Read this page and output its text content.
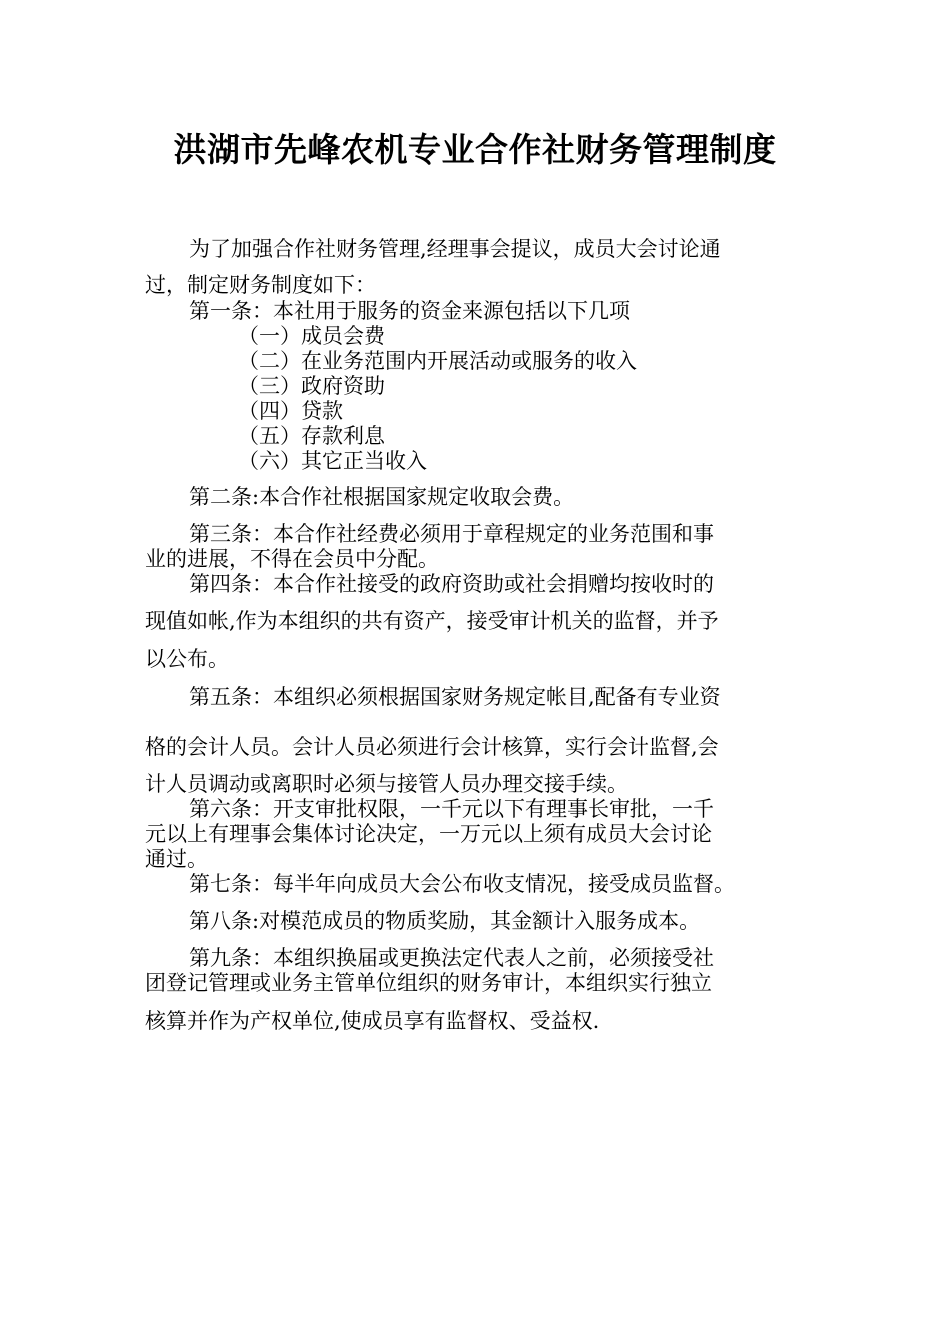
洪湖市先峰农机专业合作社财务管理制度
为了加强合作社财务管理,经理事会提议，成员大会讨论通
过，制定财务制度如下：
第一条：本社用于服务的资金来源包括以下几项
（一）成员会费
（二）在业务范围内开展活动或服务的收入
（三）政府资助
（四）贷款
（五）存款利息
（六）其它正当收入
第二条:本合作社根据国家规定收取会费。
第三条：本合作社经费必须用于章程规定的业务范围和事
业的进展，不得在会员中分配。
第四条：本合作社接受的政府资助或社会捐赠均按收时的
现值如帐,作为本组织的共有资产，接受审计机关的监督，并予
以公布。
第五条：本组织必须根据国家财务规定帐目,配备有专业资
格的会计人员。会计人员必须进行会计核算，实行会计监督,会
计人员调动或离职时必须与接管人员办理交接手续。
第六条：开支审批权限，一千元以下有理事长审批，一千
元以上有理事会集体讨论决定，一万元以上须有成员大会讨论
通过。
第七条：每半年向成员大会公布收支情况，接受成员监督。
第八条:对模范成员的物质奖励，其金额计入服务成本。
第九条：本组织换届或更换法定代表人之前，必须接受社
团登记管理或业务主管单位组织的财务审计，本组织实行独立
核算并作为产权单位,使成员享有监督权、受益权.
